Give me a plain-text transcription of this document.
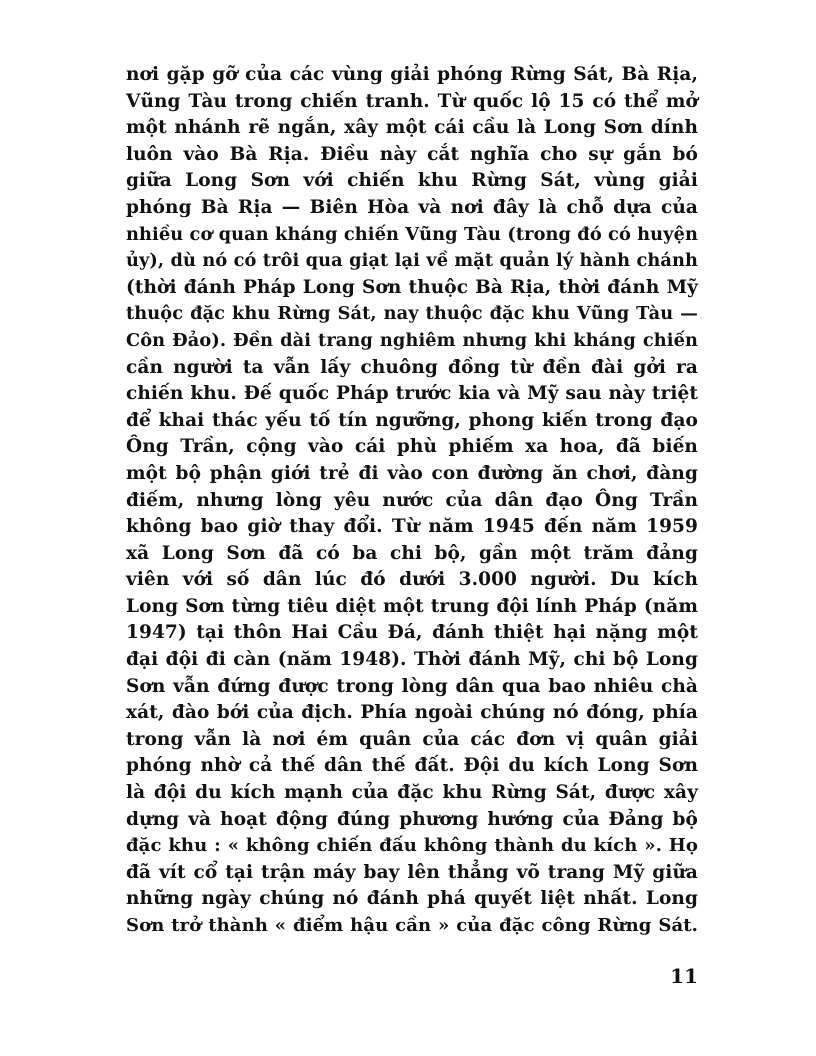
nơi gặp gỡ của các vùng giải phóng Rừng Sát, Bà Rịa,
Vũng Tàu trong chiến tranh. Từ quốc lộ 15 có thể mở
một nhánh rẽ ngắn, xây một cái cầu là Long Sơn dính
luôn vào Bà Rịa. Điều này cắt nghĩa cho sự gắn bó
giữa Long Sơn với chiến khu Rừng Sát, vùng giải
phóng Bà Rịa — Biên Hòa và nơi đây là chỗ dựa của
nhiều cơ quan kháng chiến Vũng Tàu (trong đó có huyện
ủy), dù nó có trôi qua giạt lại về mặt quản lý hành chánh
(thời đánh Pháp Long Sơn thuộc Bà Rịa, thời đánh Mỹ
thuộc đặc khu Rừng Sát, nay thuộc đặc khu Vũng Tàu —
Côn Đảo). Đền dài trang nghiêm nhưng khi kháng chiến
cần người ta vẫn lấy chuông đồng từ đền đài gởi ra
chiến khu. Đế quốc Pháp trước kia và Mỹ sau này triệt
để khai thác yếu tố tín ngưỡng, phong kiến trong đạo
Ông Trần, cộng vào cái phù phiếm xa hoa, đã biến
một bộ phận giới trẻ đi vào con đường ăn chơi, đàng
điếm, nhưng lòng yêu nước của dân đạo Ông Trần
không bao giờ thay đổi. Từ năm 1945 đến năm 1959
xã Long Sơn đã có ba chi bộ, gần một trăm đảng
viên với số dân lúc đó dưới 3.000 người. Du kích
Long Sơn từng tiêu diệt một trung đội lính Pháp (năm
1947) tại thôn Hai Cầu Đá, đánh thiệt hại nặng một
đại đội đi càn (năm 1948). Thời đánh Mỹ, chi bộ Long
Sơn vẫn đứng được trong lòng dân qua bao nhiêu chà
xát, đào bới của địch. Phía ngoài chúng nó đóng, phía
trong vẫn là nơi ém quân của các đơn vị quân giải
phóng nhờ cả thế dân thế đất. Đội du kích Long Sơn
là đội du kích mạnh của đặc khu Rừng Sát, được xây
dựng và hoạt động đúng phương hướng của Đảng bộ
đặc khu : « không chiến đấu không thành du kích ». Họ
đã vít cổ tại trận máy bay lên thẳng võ trang Mỹ giữa
những ngày chúng nó đánh phá quyết liệt nhất. Long
Sơn trở thành « điểm hậu cần » của đặc công Rừng Sát.
11
